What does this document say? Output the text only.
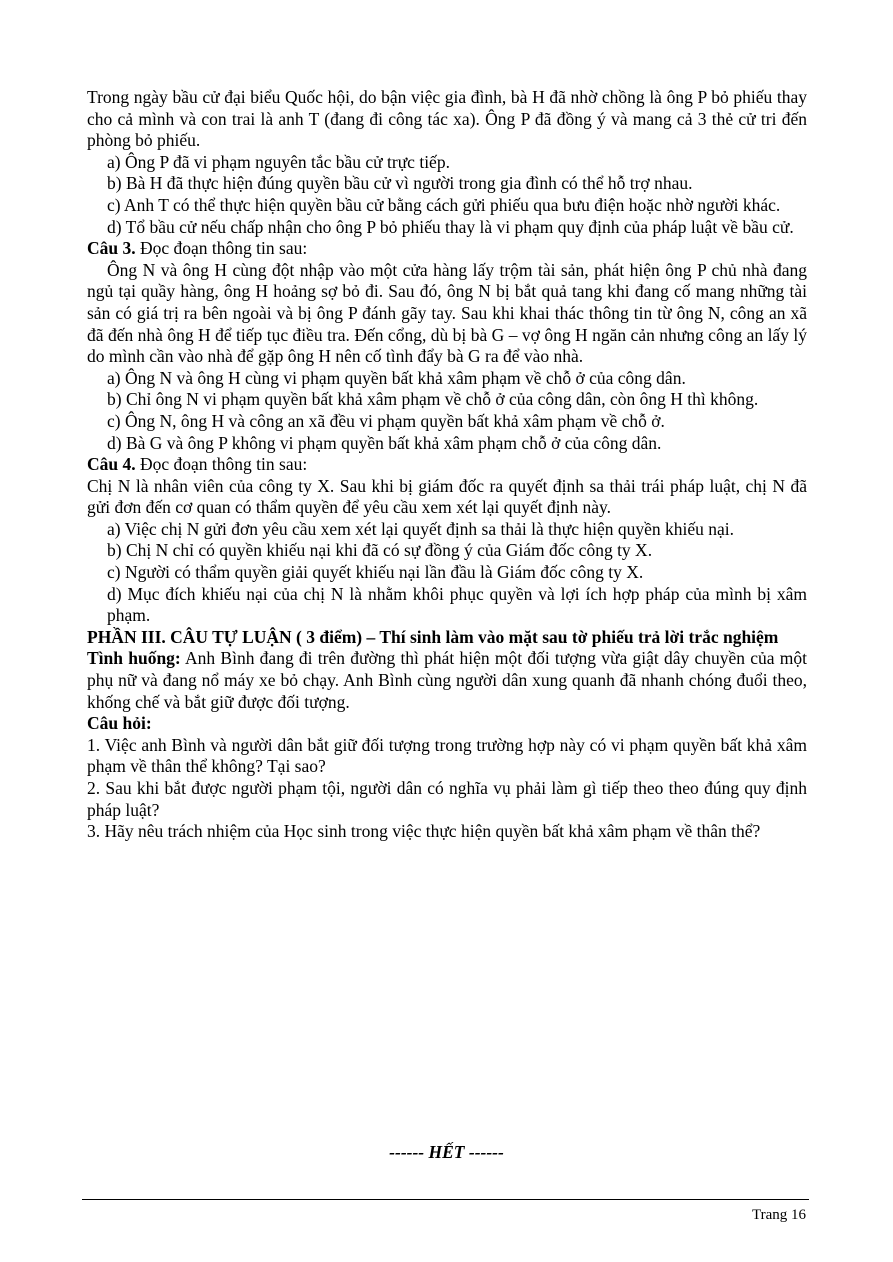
Trong ngày bầu cử đại biểu Quốc hội, do bận việc gia đình, bà H đã nhờ chồng là ông P bỏ phiếu thay cho cả mình và con trai là anh T (đang đi công tác xa). Ông P đã đồng ý và mang cả 3 thẻ cử tri đến phòng bỏ phiếu.

a) Ông P đã vi phạm nguyên tắc bầu cử trực tiếp.

b) Bà H đã thực hiện đúng quyền bầu cử vì người trong gia đình có thể hỗ trợ nhau.

c) Anh T có thể thực hiện quyền bầu cử bằng cách gửi phiếu qua bưu điện hoặc nhờ người khác.

d) Tổ bầu cử nếu chấp nhận cho ông P bỏ phiếu thay là vi phạm quy định của pháp luật về bầu cử.

Câu 3. Đọc đoạn thông tin sau:

Ông N và ông H cùng đột nhập vào một cửa hàng lấy trộm tài sản, phát hiện ông P chủ nhà đang ngủ tại quầy hàng, ông H hoảng sợ bỏ đi. Sau đó, ông N bị bắt quả tang khi đang cố mang những tài sản có giá trị ra bên ngoài và bị ông P đánh gãy tay. Sau khi khai thác thông tin từ ông N, công an xã đã đến nhà ông H để tiếp tục điều tra. Đến cổng, dù bị bà G – vợ ông H ngăn cản nhưng công an lấy lý do mình cần vào nhà để gặp ông H nên cố tình đẩy bà G ra để vào nhà.

a) Ông N và ông H cùng vi phạm quyền bất khả xâm phạm về chỗ ở của công dân.

b) Chỉ ông N vi phạm quyền bất khả xâm phạm về chỗ ở của công dân, còn ông H thì không.

c) Ông N, ông H và công an xã đều vi phạm quyền bất khả xâm phạm về chỗ ở.

d) Bà G và ông P không vi phạm quyền bất khả xâm phạm chỗ ở của công dân.

Câu 4. Đọc đoạn thông tin sau:

Chị N là nhân viên của công ty X. Sau khi bị giám đốc ra quyết định sa thải trái pháp luật, chị N đã gửi đơn đến cơ quan có thẩm quyền để yêu cầu xem xét lại quyết định này.

a) Việc chị N gửi đơn yêu cầu xem xét lại quyết định sa thải là thực hiện quyền khiếu nại.

b) Chị N chỉ có quyền khiếu nại khi đã có sự đồng ý của Giám đốc công ty X.

c) Người có thẩm quyền giải quyết khiếu nại lần đầu là Giám đốc công ty X.

d) Mục đích khiếu nại của chị N là nhằm khôi phục quyền và lợi ích hợp pháp của mình bị xâm phạm.

PHẦN III. CÂU TỰ LUẬN ( 3 điểm) – Thí sinh làm vào mặt sau tờ phiếu trả lời trắc nghiệm

Tình huống: Anh Bình đang đi trên đường thì phát hiện một đối tượng vừa giật dây chuyền của một phụ nữ và đang nổ máy xe bỏ chạy. Anh Bình cùng người dân xung quanh đã nhanh chóng đuổi theo, khống chế và bắt giữ được đối tượng.

Câu hỏi:

1. Việc anh Bình và người dân bắt giữ đối tượng trong trường hợp này có vi phạm quyền bất khả xâm phạm về thân thể không? Tại sao?

2. Sau khi bắt được người phạm tội, người dân có nghĩa vụ phải làm gì tiếp theo theo đúng quy định pháp luật?

3. Hãy nêu trách nhiệm của Học sinh trong việc thực hiện quyền bất khả xâm phạm về thân thể?

------ HẾT ------
Trang 16
